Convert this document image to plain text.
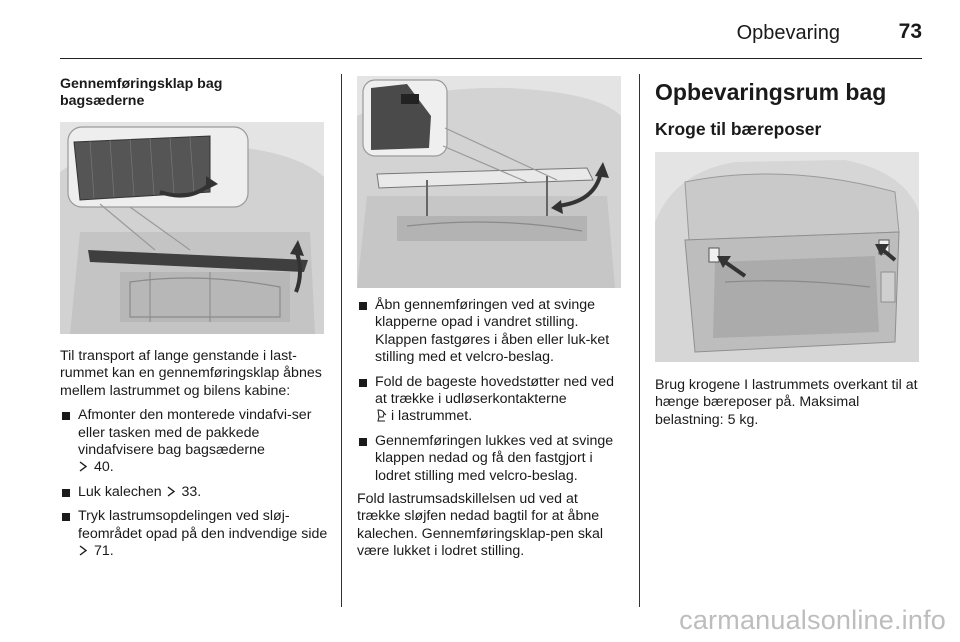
Opbevaring	73
Gennemføringsklap bag
bagsæderne
Til transport af lange genstande i last-rummet kan en gennemføringsklap åbnes mellem lastrummet og bilens kabine:
Afmonter den monterede vindafvi-ser eller tasken med de pakkede vindafvisere bag bagsæderne
40.
Luk kalechen 33.
Tryk lastrumsopdelingen ved sløj-feområdet opad på den indvendige side  71.
Åbn gennemføringen ved at svinge klapperne opad i vandret stilling. Klappen fastgøres i åben eller luk-ket stilling med et velcro-beslag.
Fold de bageste hovedstøtter ned ved at trække i udløserkontakterne
i lastrummet.
Gennemføringen lukkes ved at svinge klappen nedad og få den fastgjort i lodret stilling med velcro-beslag.
Fold lastrumsadskillelsen ud ved at trække sløjfen nedad bagtil for at åbne kalechen. Gennemføringsklap-pen skal være lukket i lodret stilling.
Opbevaringsrum bag
Kroge til bæreposer
Brug krogene I lastrummets overkant til at hænge bæreposer på. Maksimal belastning: 5 kg.
carmanualsonline.info
